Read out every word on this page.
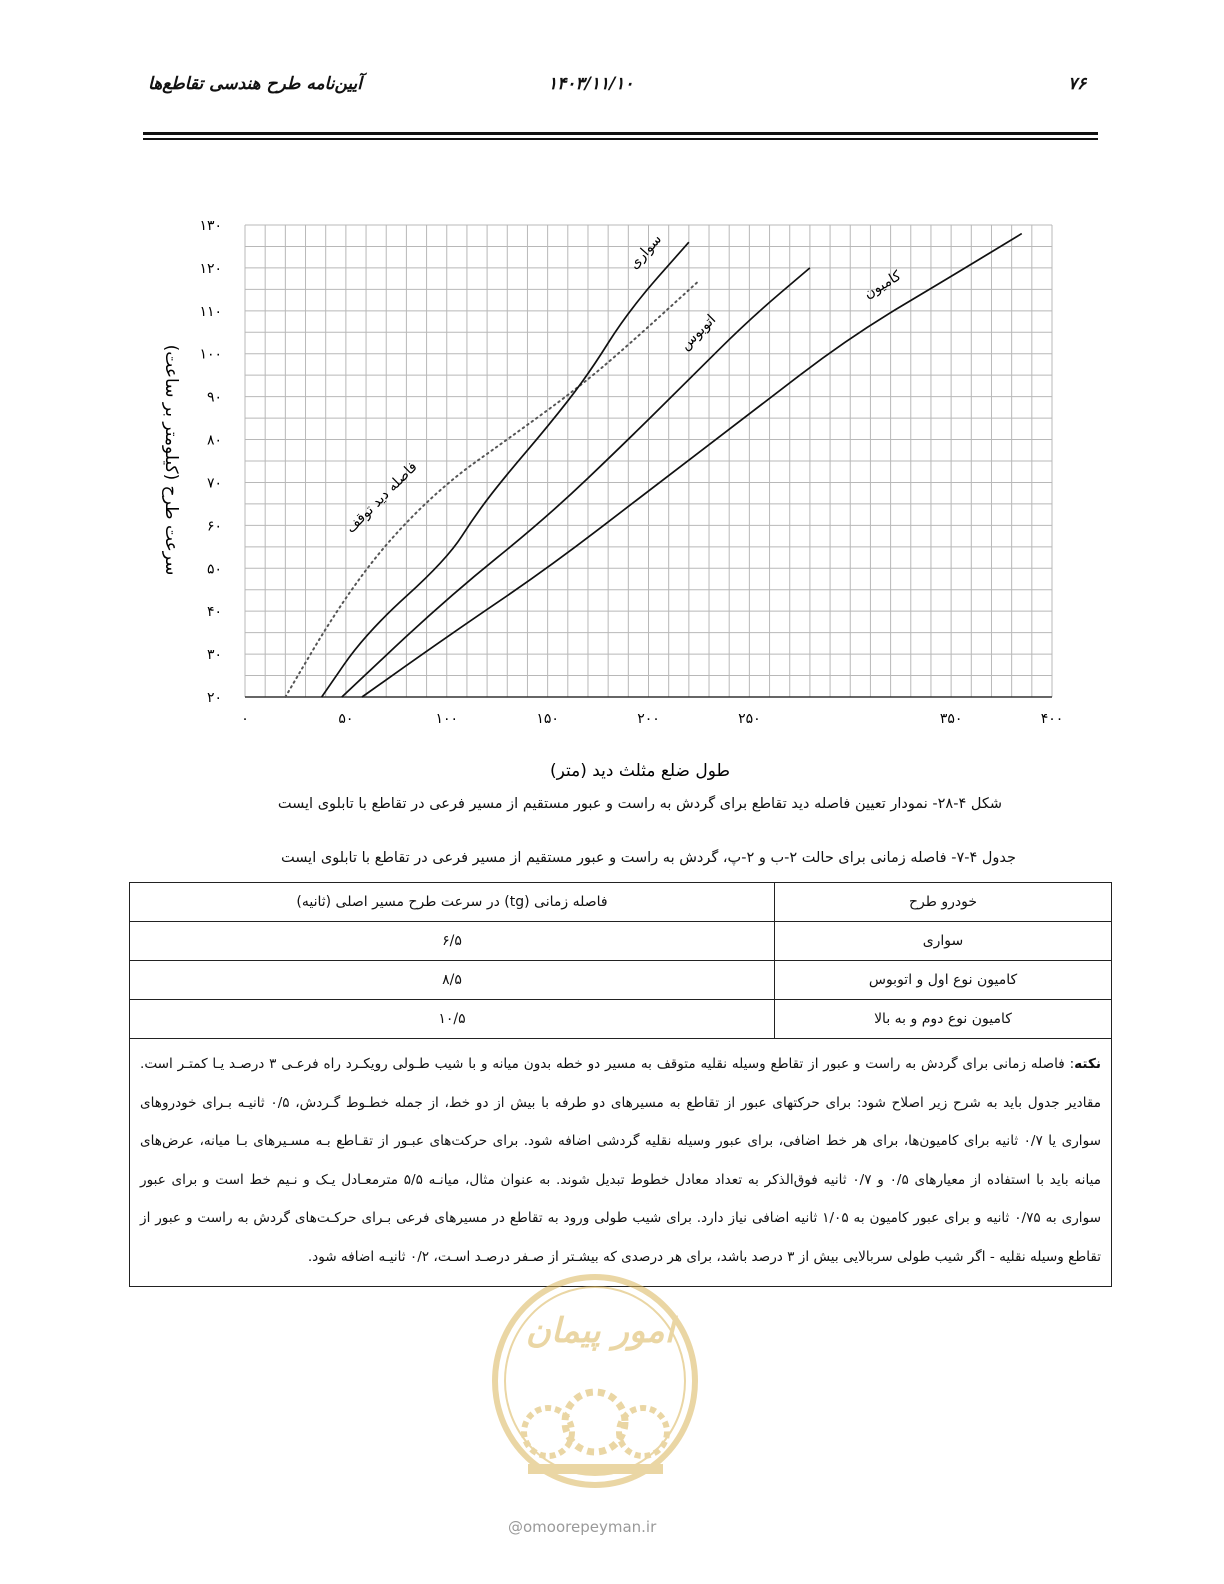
آیین‌نامه طرح هندسی تقاطع‌ها	۱۴۰۳/۱۱/۱۰	۷۶
۰	۵۰	۱۰۰	۱۵۰	۲۰۰	۲۵۰	۳۵۰	۴۰۰
۲۰
۳۰
۴۰
۵۰
۶۰
۷۰
۸۰
۹۰
۱۰۰
۱۱۰
۱۲۰
۱۳۰
طول ضلع مثلث دید (متر)
سرعت طرح (کیلومتر بر ساعت)	فاصله دید توقف
سواری
اتوبوس
کامیون
شکل ۴-۲۸- نمودار تعیین فاصله دید تقاطع برای گردش به راست و عبور مستقیم از مسیر فرعی در تقاطع با تابلوی ایست
جدول ۴-۷- فاصله زمانی برای حالت ۲-ب و ۲-پ، گردش به راست و عبور مستقیم از مسیر فرعی در تقاطع با تابلوی ایست
خودرو طرح	فاصله زمانی (tg) در سرعت طرح مسیر اصلی (ثانیه)
سواری	۶/۵
کامیون نوع اول و اتوبوس	۸/۵
کامیون نوع دوم و به بالا	۱۰/۵
نکته: فاصله زمانی برای گردش به راست و عبور از تقاطع وسیله نقلیه متوقف به مسیر دو خطه بدون میانه و با شیب طـولی رویکـرد راه فرعـی ۳ درصـد یـا کمتـر است. مقادیر جدول باید به شرح زیر اصلاح شود: برای حرکتهای عبور از تقاطع به مسیرهای دو طرفه با بیش از دو خط، از جمله خطـوط گـردش، ۰/۵ ثانیـه بـرای خودروهای سواری یا ۰/۷ ثانیه برای کامیون‌ها، برای هر خط اضافی، برای عبور وسیله نقلیه گردشی اضافه شود. برای حرکت‌های عبـور از تقـاطع بـه مسـیرهای بـا میانه، عرض‌های میانه باید با استفاده از معیارهای ۰/۵ و ۰/۷ ثانیه فوق‌الذکر به تعداد معادل خطوط تبدیل شوند. به عنوان مثال، میانـه ۵/۵ مترمعـادل یـک و نـیم خط است و برای عبور سواری به ۰/۷۵ ثانیه و برای عبور کامیون به ۱/۰۵ ثانیه اضافی نیاز دارد. برای شیب طولی ورود به تقاطع در مسیرهای فرعی بـرای حرکـت‌های گردش به راست و عبور از تقاطع وسیله نقلیه - اگر شیب طولی سربالایی بیش از ۳ درصد باشد، برای هر درصدی که بیشـتر از صـفر درصـد اسـت، ۰/۲ ثانیـه اضافه شود.	
امور پیمان
@omoorepeyman.ir
